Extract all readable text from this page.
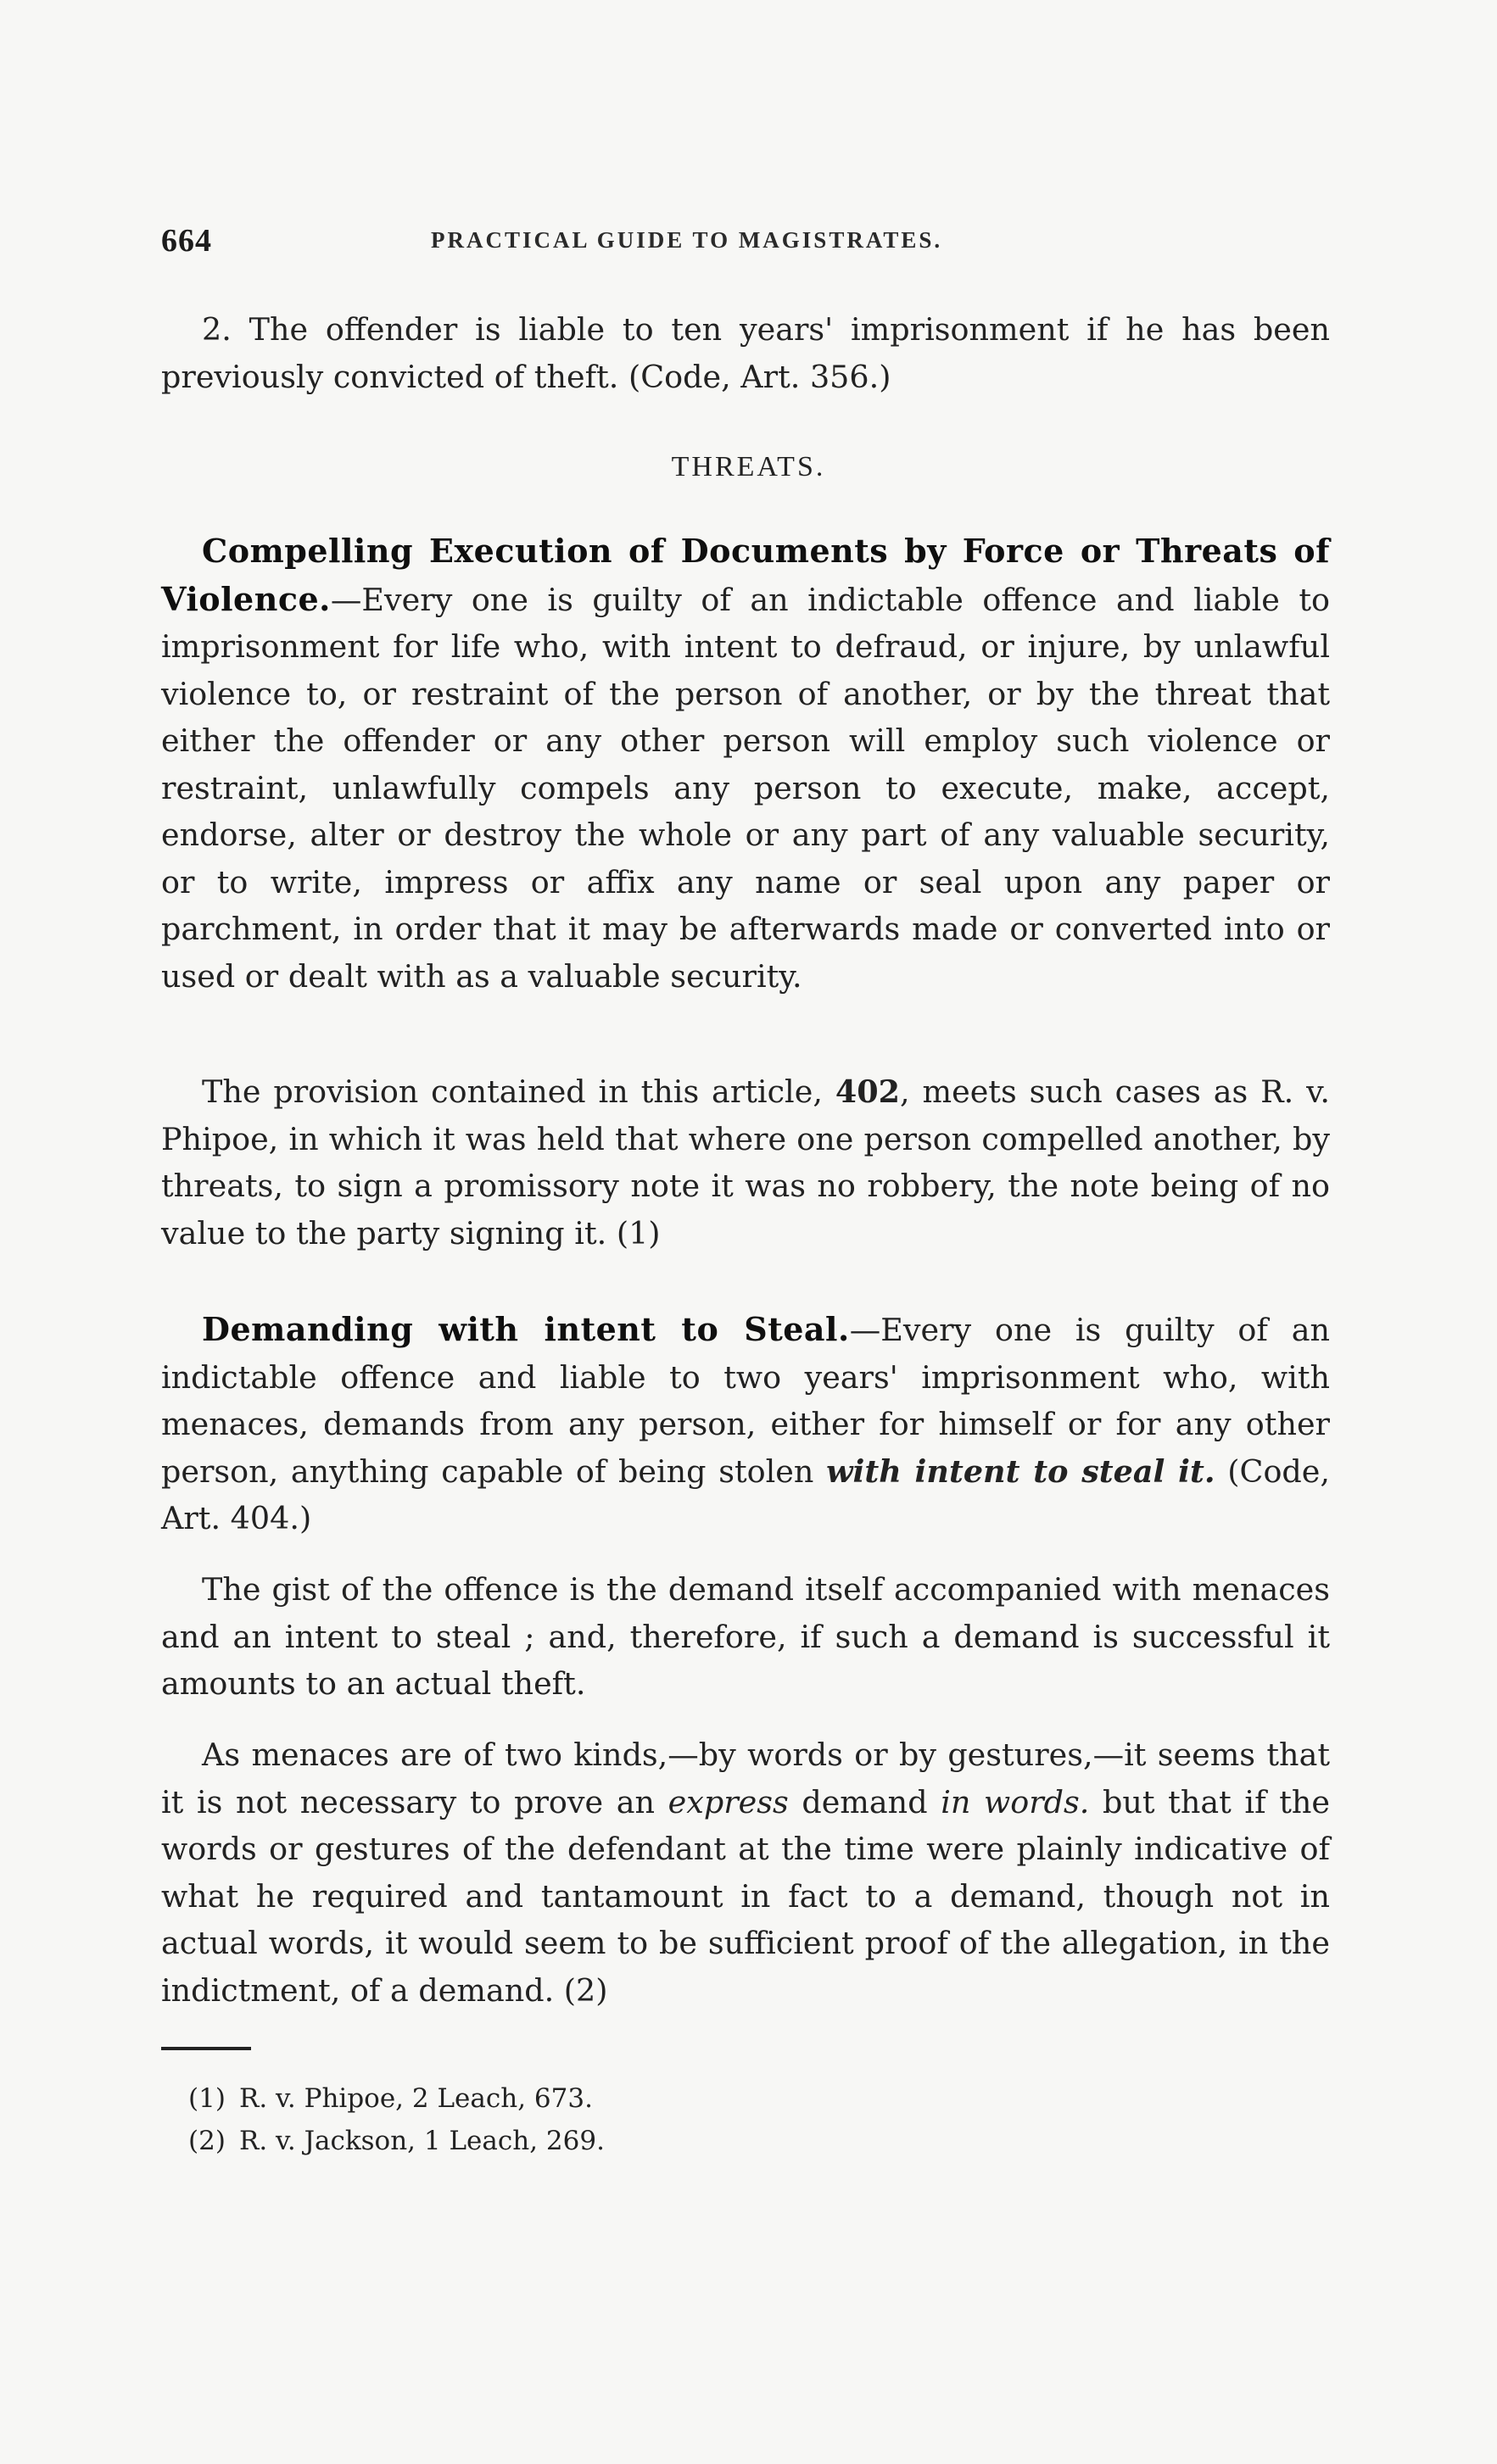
664	PRACTICAL GUIDE TO MAGISTRATES.

2. The offender is liable to ten years' imprisonment if he has been previously convicted of theft. (Code, Art. 356.)

THREATS.

Compelling Execution of Documents by Force or Threats of Violence.—Every one is guilty of an indictable offence and liable to imprisonment for life who, with intent to defraud, or injure, by unlawful violence to, or restraint of the person of another, or by the threat that either the offender or any other person will employ such violence or restraint, unlawfully compels any person to execute, make, accept, endorse, alter or destroy the whole or any part of any valuable security, or to write, impress or affix any name or seal upon any paper or parchment, in order that it may be afterwards made or converted into or used or dealt with as a valuable security.

The provision contained in this article, 402, meets such cases as R. v. Phipoe, in which it was held that where one person compelled another, by threats, to sign a promissory note it was no robbery, the note being of no value to the party signing it. (1)

Demanding with intent to Steal.—Every one is guilty of an indictable offence and liable to two years' imprisonment who, with menaces, demands from any person, either for himself or for any other person, anything capable of being stolen with intent to steal it. (Code, Art. 404.)

The gist of the offence is the demand itself accompanied with menaces and an intent to steal ; and, therefore, if such a demand is successful it amounts to an actual theft.

As menaces are of two kinds,—by words or by gestures,—it seems that it is not necessary to prove an express demand in words. but that if the words or gestures of the defendant at the time were plainly indicative of what he required and tantamount in fact to a demand, though not in actual words, it would seem to be sufficient proof of the allegation, in the indictment, of a demand. (2)

(1) R. v. Phipoe, 2 Leach, 673.

(2) R. v. Jackson, 1 Leach, 269.
